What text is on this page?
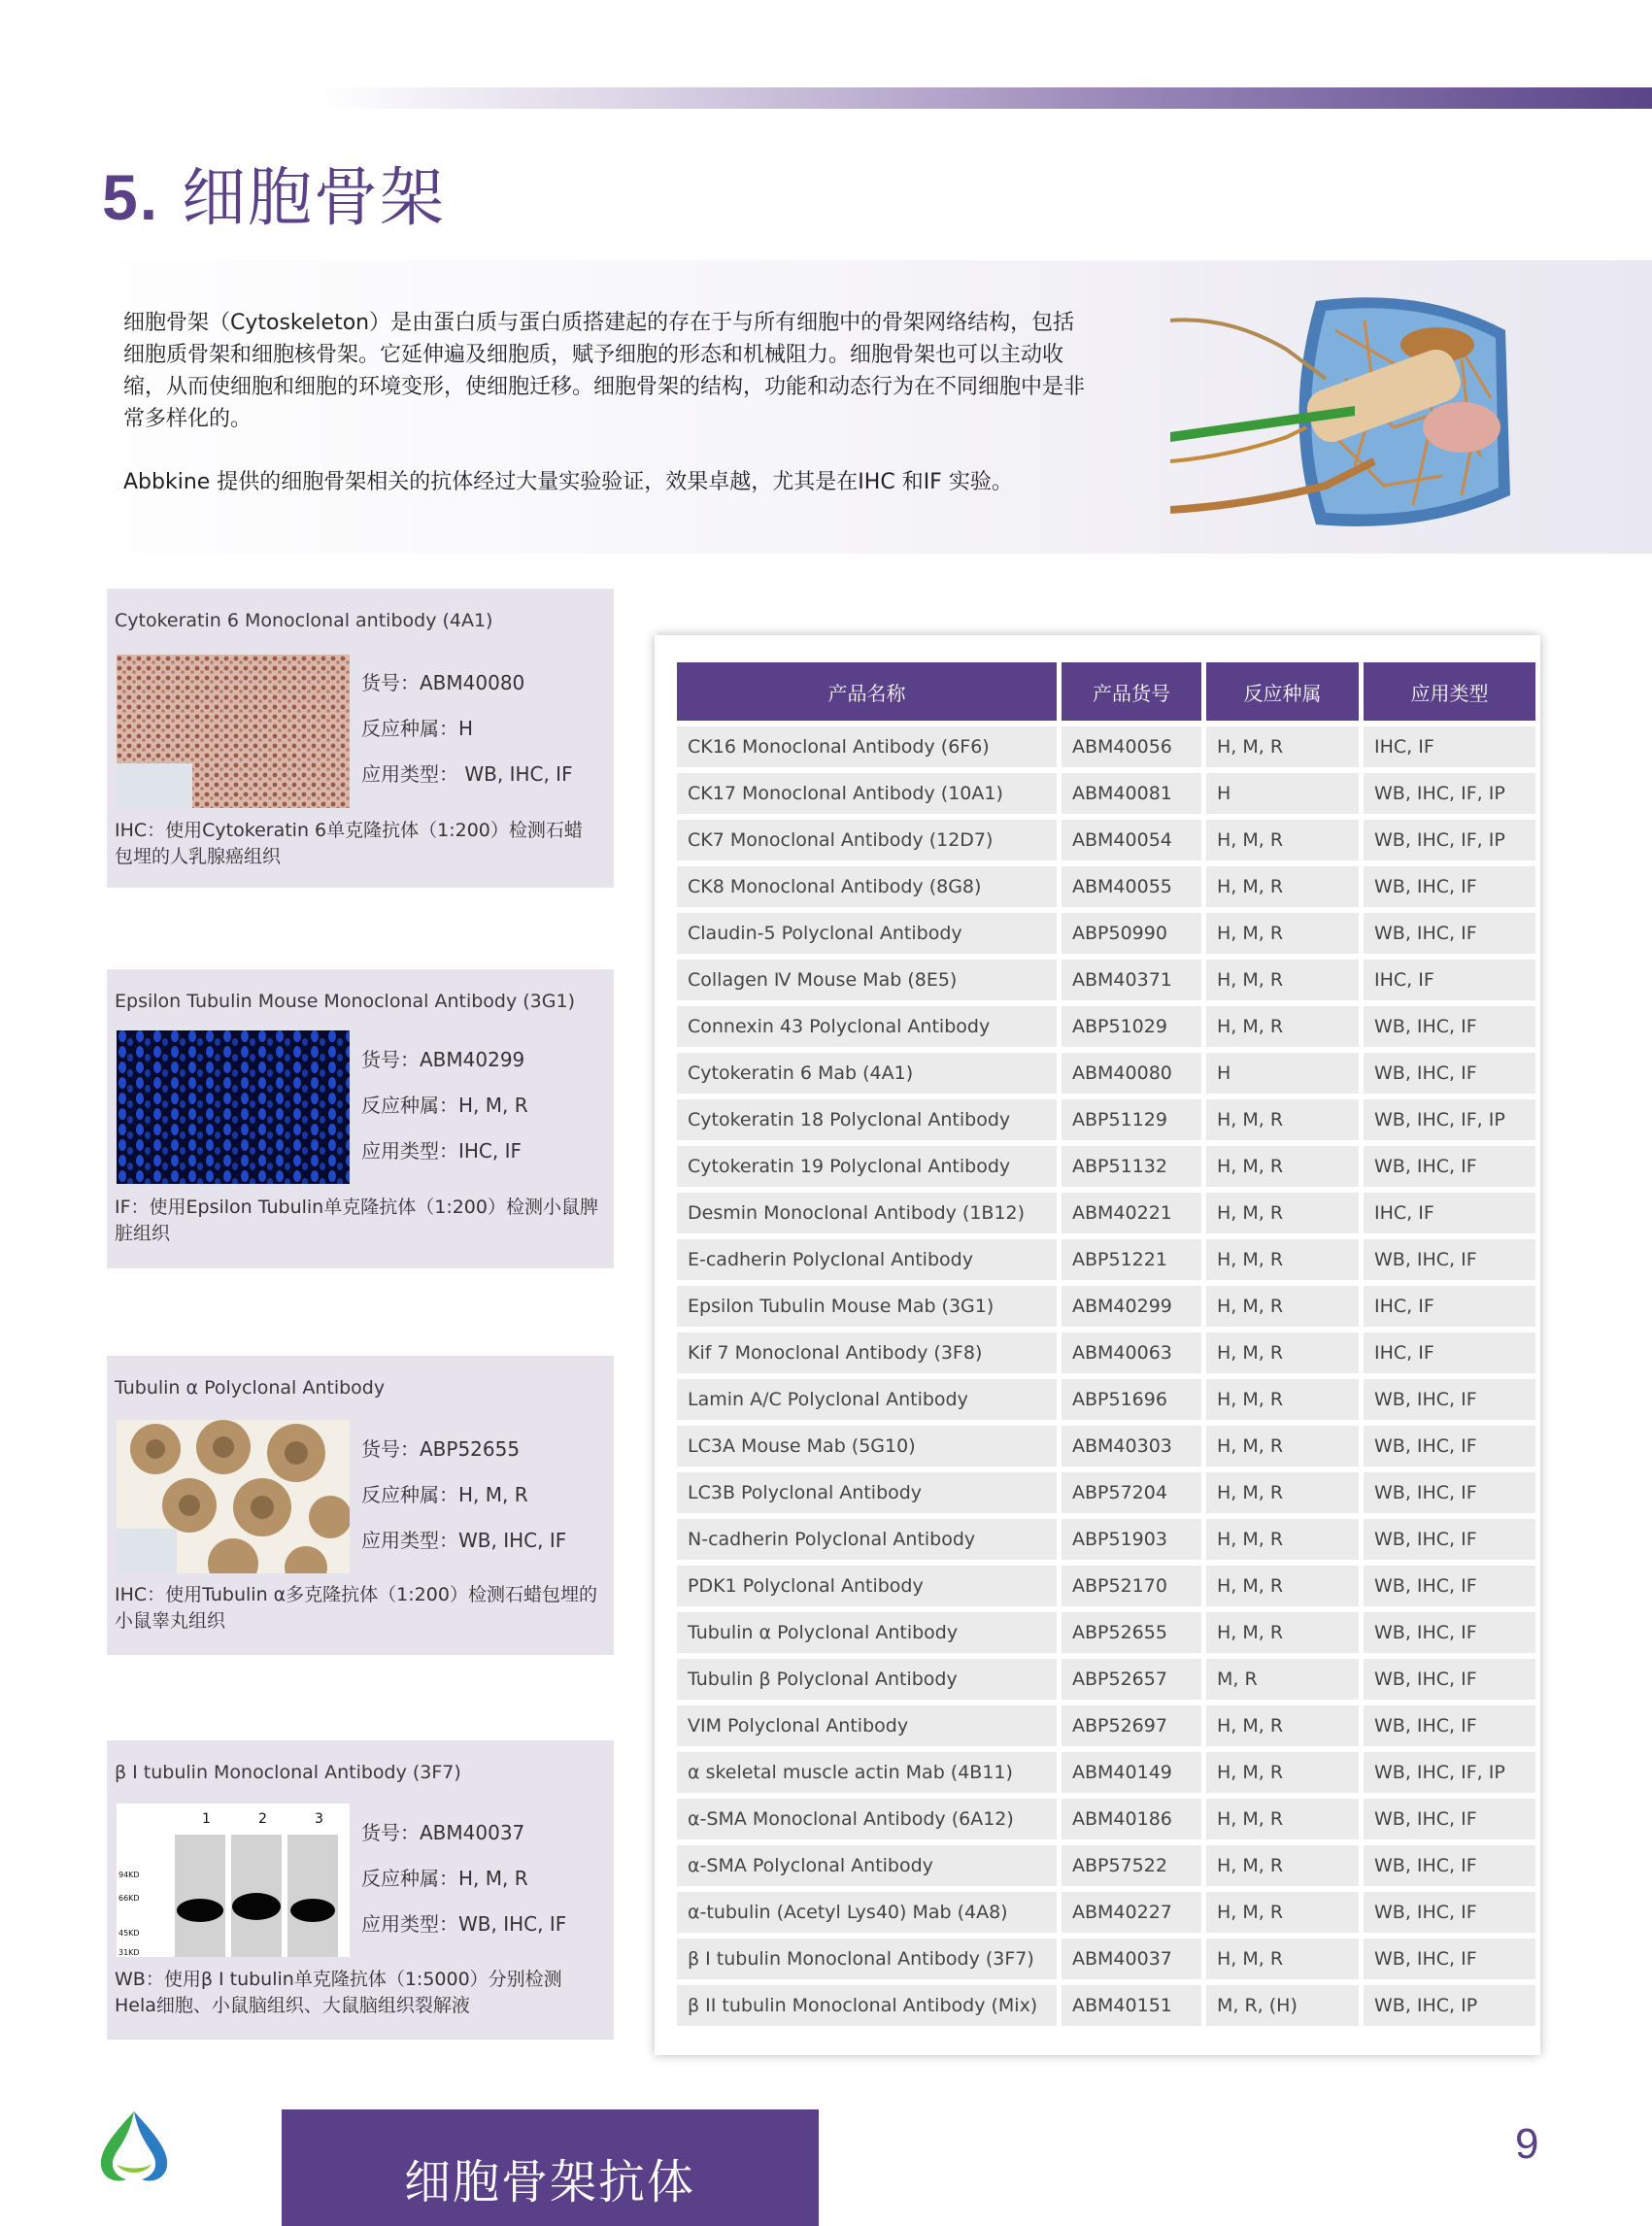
5. 细胞骨架

细胞骨架（Cytoskeleton）是由蛋白质与蛋白质搭建起的存在于与所有细胞中的骨架网络结构，包括细胞质骨架和细胞核骨架。它延伸遍及细胞质，赋予细胞的形态和机械阻力。细胞骨架也可以主动收缩，从而使细胞和细胞的环境变形，使细胞迁移。细胞骨架的结构，功能和动态行为在不同细胞中是非常多样化的。

Abbkine 提供的细胞骨架相关的抗体经过大量实验验证，效果卓越，尤其是在IHC 和IF 实验。

Cytokeratin 6 Monoclonal antibody (4A1)
货号：ABM40080
反应种属：H
应用类型： WB, IHC, IF
IHC：使用Cytokeratin 6单克隆抗体（1:200）检测石蜡包埋的人乳腺癌组织
Epsilon Tubulin Mouse Monoclonal Antibody (3G1)
货号：ABM40299
反应种属：H, M, R
应用类型：IHC, IF
IF：使用Epsilon Tubulin单克隆抗体（1:200）检测小鼠脾脏组织
Tubulin α Polyclonal Antibody
货号：ABP52655
反应种属：H, M, R
应用类型：WB, IHC, IF
IHC：使用Tubulin α多克隆抗体（1:200）检测石蜡包埋的小鼠睾丸组织
β I tubulin Monoclonal Antibody (3F7)
1	2	3
94KD
66KD
45KD
31KD
货号：ABM40037
反应种属：H, M, R
应用类型：WB, IHC, IF
WB：使用β I tubulin单克隆抗体（1:5000）分别检测Hela细胞、小鼠脑组织、大鼠脑组织裂解液
产品名称	产品货号	反应种属	应用类型
CK16 Monoclonal Antibody (6F6)	ABM40056	H, M, R	IHC, IF
CK17 Monoclonal Antibody (10A1)	ABM40081	H	WB, IHC, IF, IP
CK7 Monoclonal Antibody (12D7)	ABM40054	H, M, R	WB, IHC, IF, IP
CK8 Monoclonal Antibody (8G8)	ABM40055	H, M, R	WB, IHC, IF
Claudin-5 Polyclonal Antibody	ABP50990	H, M, R	WB, IHC, IF
Collagen Ⅳ Mouse Mab (8E5)	ABM40371	H, M, R	IHC, IF
Connexin 43 Polyclonal Antibody	ABP51029	H, M, R	WB, IHC, IF
Cytokeratin 6 Mab (4A1)	ABM40080	H	WB, IHC, IF
Cytokeratin 18 Polyclonal Antibody	ABP51129	H, M, R	WB, IHC, IF, IP
Cytokeratin 19 Polyclonal Antibody	ABP51132	H, M, R	WB, IHC, IF
Desmin Monoclonal Antibody (1B12)	ABM40221	H, M, R	IHC, IF
E-cadherin Polyclonal Antibody	ABP51221	H, M, R	WB, IHC, IF
Epsilon Tubulin Mouse Mab (3G1)	ABM40299	H, M, R	IHC, IF
Kif 7 Monoclonal Antibody (3F8)	ABM40063	H, M, R	IHC, IF
Lamin A/C Polyclonal Antibody	ABP51696	H, M, R	WB, IHC, IF
LC3A Mouse Mab (5G10)	ABM40303	H, M, R	WB, IHC, IF
LC3B Polyclonal Antibody	ABP57204	H, M, R	WB, IHC, IF
N-cadherin Polyclonal Antibody	ABP51903	H, M, R	WB, IHC, IF
PDK1 Polyclonal Antibody	ABP52170	H, M, R	WB, IHC, IF
Tubulin α Polyclonal Antibody	ABP52655	H, M, R	WB, IHC, IF
Tubulin β Polyclonal Antibody	ABP52657	M, R	WB, IHC, IF
VIM Polyclonal Antibody	ABP52697	H, M, R	WB, IHC, IF
α skeletal muscle actin Mab (4B11)	ABM40149	H, M, R	WB, IHC, IF, IP
α-SMA Monoclonal Antibody (6A12)	ABM40186	H, M, R	WB, IHC, IF
α-SMA Polyclonal Antibody	ABP57522	H, M, R	WB, IHC, IF
α-tubulin (Acetyl Lys40) Mab (4A8)	ABM40227	H, M, R	WB, IHC, IF
β I tubulin Monoclonal Antibody (3F7)	ABM40037	H, M, R	WB, IHC, IF
β II tubulin Monoclonal Antibody (Mix)	ABM40151	M, R, (H)	WB, IHC, IP
细胞骨架抗体
9
